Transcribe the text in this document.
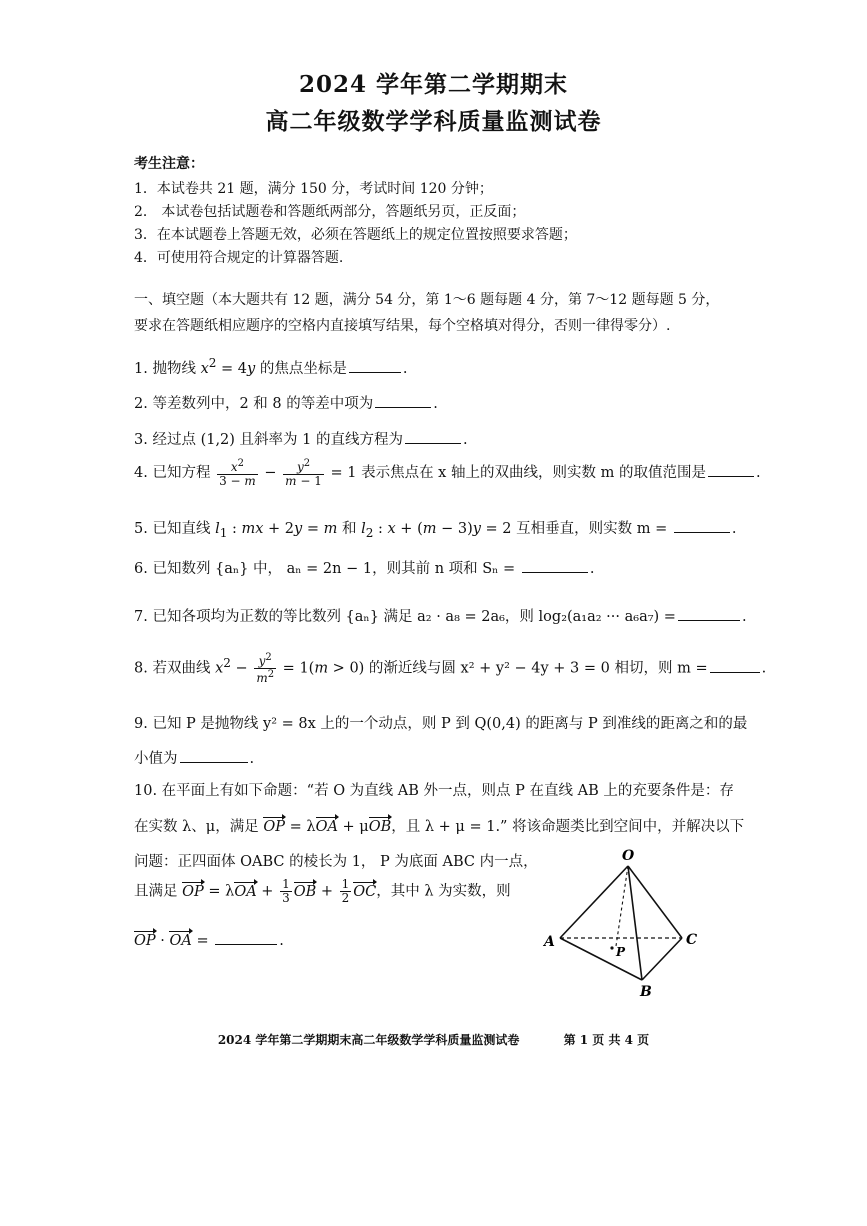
2024 学年第二学期期末
高二年级数学学科质量监测试卷
考生注意：
1．本试卷共 21 题，满分 150 分，考试时间 120 分钟；
2． 本试卷包括试题卷和答题纸两部分，答题纸另页，正反面；
3．在本试题卷上答题无效，必须在答题纸上的规定位置按照要求答题；
4．可使用符合规定的计算器答题.
一、填空题（本大题共有 12 题，满分 54 分，第 1～6 题每题 4 分，第 7～12 题每题 5 分，
要求在答题纸相应题序的空格内直接填写结果，每个空格填对得分，否则一律得零分）.
1. 抛物线 $x^2 = 4y$ 的焦点坐标是	.
2. 等差数列中，2 和 8 的等差中项为	.
3. 经过点 (1,2) 且斜率为 1 的直线方程为	.
4. 已知方程 $\frac{x^2}{3 - m} - \frac{y^2}{m - 1} = 1$ 表示焦点在 x 轴上的双曲线，则实数 m 的取值范围是	.
5. 已知直线 $l_1$ : mx + 2y = m 和 $l_2$ : x + (m − 3)y = 2 互相垂直，则实数 m =	.
6. 已知数列 {aₙ} 中， aₙ = 2n − 1，则其前 n 项和 Sₙ =	.
7. 已知各项均为正数的等比数列 {aₙ} 满足 a₂ · a₈ = 2a₆，则 log₂(a₁a₂ ··· a₆a₇) =	.
8. 若双曲线 $x^2 - \frac{y^2}{m^2} = 1(m > 0)$ 的渐近线与圆 x² + y² − 4y + 3 = 0 相切，则 m =	.
9. 已知 P 是抛物线 y² = 8x 上的一个动点，则 P 到 Q(0,4) 的距离与 P 到准线的距离之和的最
小值为	.
10. 在平面上有如下命题：“若 O 为直线 AB 外一点，则点 P 在直线 AB 上的充要条件是：存
在实数 λ、μ，满足 OP = λOA + μOB，且 λ + μ = 1.” 将该命题类比到空间中，并解决以下
问题：正四面体 OABC 的棱长为 1， P 为底面 ABC 内一点，
且满足 OP = $\lambda OA + \frac{1}{3}$ OB + $\frac{1}{2}$ OC，其中 λ 为实数，则
OP · OA =	.
O
A	C
B
P
2024 学年第二学期期末高二年级数学学科质量监测试卷	第 1 页 共 4 页
